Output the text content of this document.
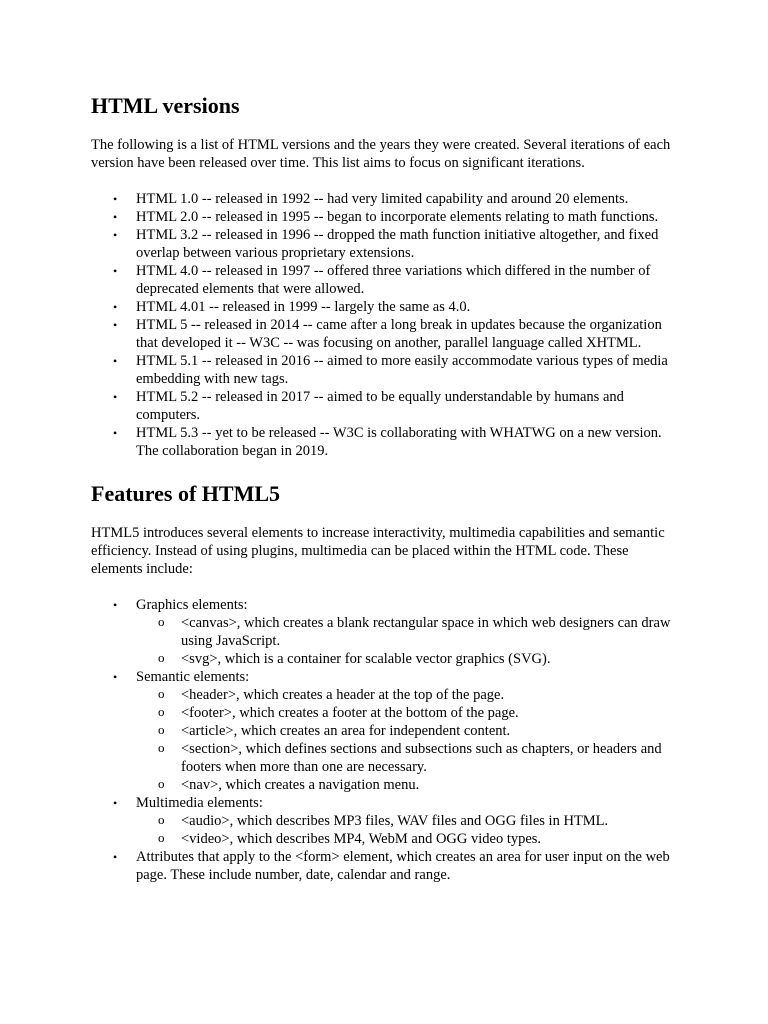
HTML versions

The following is a list of HTML versions and the years they were created. Several iterations of each version have been released over time. This list aims to focus on significant iterations.

• HTML 1.0 -- released in 1992 -- had very limited capability and around 20 elements.
• HTML 2.0 -- released in 1995 -- began to incorporate elements relating to math functions.
• HTML 3.2 -- released in 1996 -- dropped the math function initiative altogether, and fixed overlap between various proprietary extensions.
• HTML 4.0 -- released in 1997 -- offered three variations which differed in the number of deprecated elements that were allowed.
• HTML 4.01 -- released in 1999 -- largely the same as 4.0.
• HTML 5 -- released in 2014 -- came after a long break in updates because the organization that developed it -- W3C -- was focusing on another, parallel language called XHTML.
• HTML 5.1 -- released in 2016 -- aimed to more easily accommodate various types of media embedding with new tags.
• HTML 5.2 -- released in 2017 -- aimed to be equally understandable by humans and computers.
• HTML 5.3 -- yet to be released -- W3C is collaborating with WHATWG on a new version. The collaboration began in 2019.
Features of HTML5

HTML5 introduces several elements to increase interactivity, multimedia capabilities and semantic efficiency. Instead of using plugins, multimedia can be placed within the HTML code. These elements include:

• Graphics elements:
o <canvas>, which creates a blank rectangular space in which web designers can draw using JavaScript.
o <svg>, which is a container for scalable vector graphics (SVG).
• Semantic elements:
o <header>, which creates a header at the top of the page.
o <footer>, which creates a footer at the bottom of the page.
o <article>, which creates an area for independent content.
o <section>, which defines sections and subsections such as chapters, or headers and footers when more than one are necessary.
o <nav>, which creates a navigation menu.
• Multimedia elements:
o <audio>, which describes MP3 files, WAV files and OGG files in HTML.
o <video>, which describes MP4, WebM and OGG video types.
• Attributes that apply to the <form> element, which creates an area for user input on the web page. These include number, date, calendar and range.
